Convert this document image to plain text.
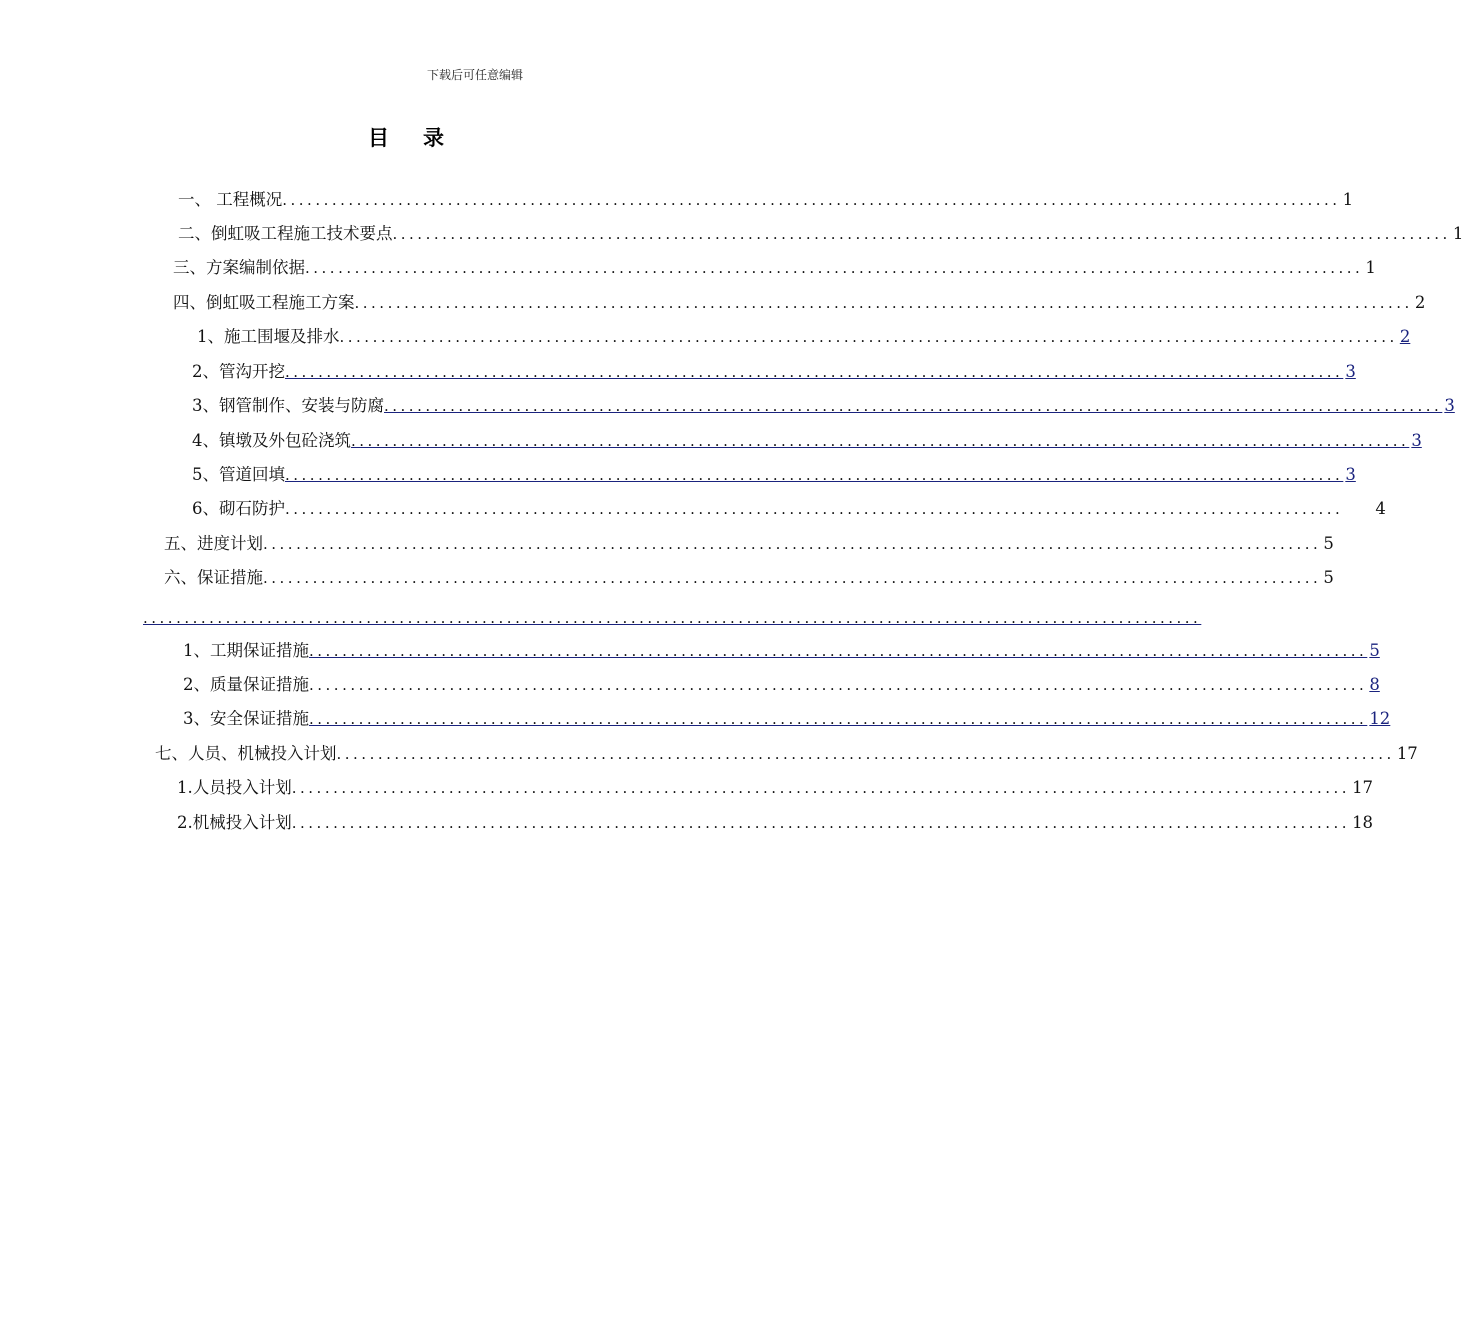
下载后可任意编辑
目录
一、 工程概况 ................................................................................................................................ 1
二、倒虹吸工程施工技术要点 ................................................................................................................................ 1
三、方案编制依据 ................................................................................................................................ 1
四、倒虹吸工程施工方案 ................................................................................................................................ 2
1、施工围堰及排水 ................................................................................................................................ 2
2、管沟开挖 ................................................................................................................................ 3
3、钢管制作、安装与防腐 ................................................................................................................................ 3
4、镇墩及外包砼浇筑 ................................................................................................................................ 3
5、管道回填 ................................................................................................................................ 3
6、砌石防护 ................................................................................................................................ 4
五、进度计划 ................................................................................................................................ 5
六、保证措施 ................................................................................................................................ 5
................................................................................................................................
1、工期保证措施 ................................................................................................................................ 5
2、质量保证措施 ................................................................................................................................ 8
3、安全保证措施 ................................................................................................................................ 12
七、人员、机械投入计划 ................................................................................................................................ 17
1.人员投入计划 ................................................................................................................................ 17
2.机械投入计划 ................................................................................................................................ 18
